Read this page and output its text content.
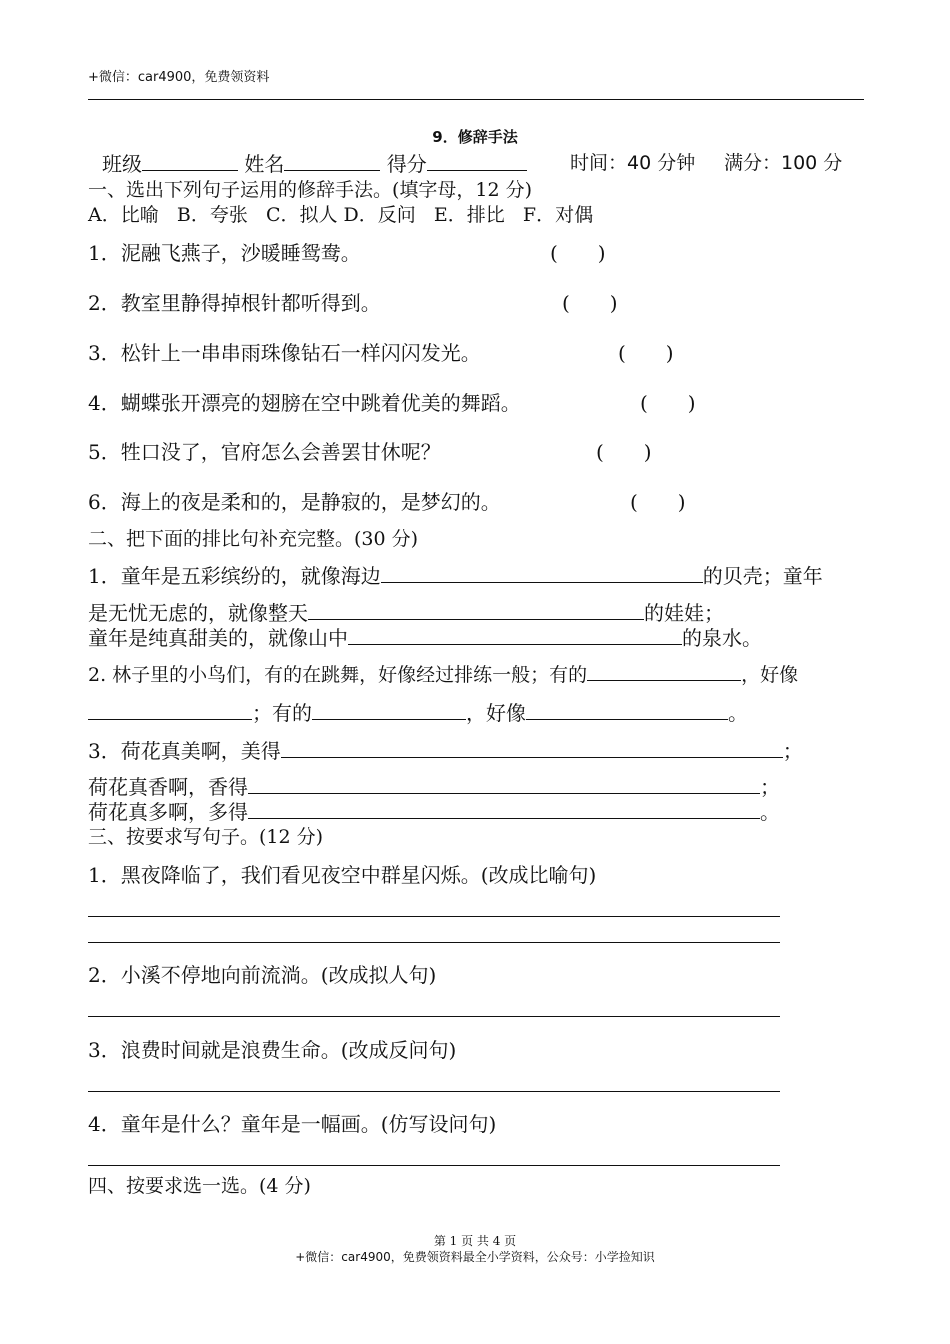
+微信：car4900，免费领资料
9．修辞手法
班级	姓名	得分	时间：40 分钟 满分：100 分
一、选出下列句子运用的修辞手法。(填字母，12 分)
A．比喻 B．夸张 C．拟人 D．反问 E．排比 F．对偶
1．泥融飞燕子，沙暖睡鸳鸯。	(　　)
2．教室里静得掉根针都听得到。	(　　)
3．松针上一串串雨珠像钻石一样闪闪发光。	(　　)
4．蝴蝶张开漂亮的翅膀在空中跳着优美的舞蹈。	(　　)
5．牲口没了，官府怎么会善罢甘休呢？	(　　)
6．海上的夜是柔和的，是静寂的，是梦幻的。	(　　)
二、把下面的排比句补充完整。(30 分)
1．童年是五彩缤纷的，就像海边	的贝壳；童年
是无忧无虑的，就像整天	的娃娃；
童年是纯真甜美的，就像山中	的泉水。
2. 林子里的小鸟们，有的在跳舞，好像经过排练一般；有的	，好像
；有的	，好像	。
3．荷花真美啊，美得	；
荷花真香啊，香得	；
荷花真多啊，多得	。
三、按要求写句子。(12 分)
1．黑夜降临了，我们看见夜空中群星闪烁。(改成比喻句)
2．小溪不停地向前流淌。(改成拟人句)
3．浪费时间就是浪费生命。(改成反问句)
4．童年是什么？童年是一幅画。(仿写设问句)
四、按要求选一选。(4 分)
第 1 页 共 4 页
+微信：car4900，免费领资料最全小学资料，公众号：小学捡知识
